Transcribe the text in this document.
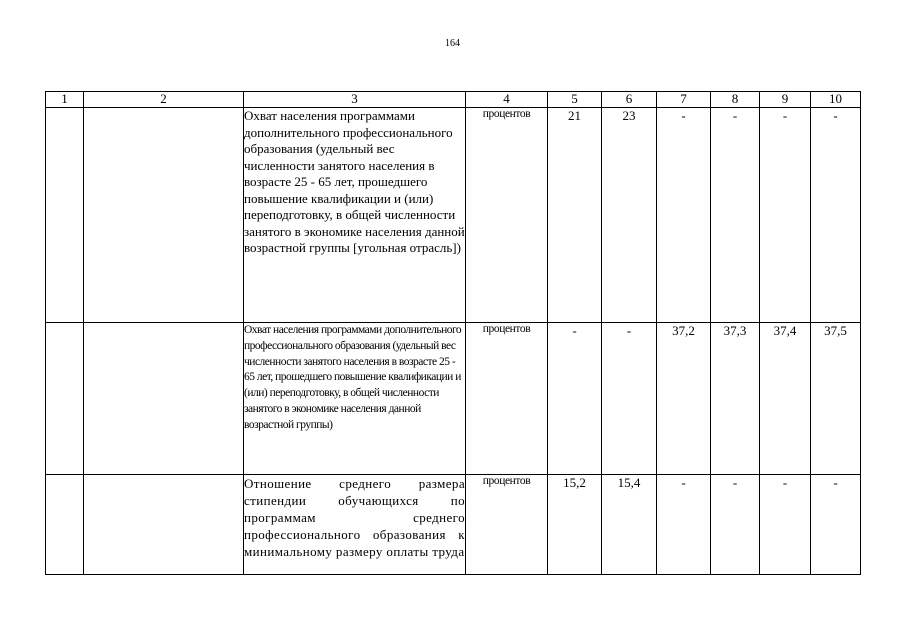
164
1	2	3	4	5	6	7	8	9	10
		Охват населения программами дополнительного профессионального образования (удельный вес численности занятого населения в возрасте 25 - 65 лет, прошедшего повышение квалификации и (или) переподготовку, в общей численности занятого в экономике населения данной возрастной группы [угольная отрасль])	процентов	21	23	-	-	-	-
		Охват населения программами дополнительного профессионального образования (удельный вес численности занятого населения в возрасте 25 - 65 лет, прошедшего повышение квалификации и (или) переподготовку, в общей численности занятого в экономике населения данной возрастной группы)	процентов	-	-	37,2	37,3	37,4	37,5
		Отношение среднего размера стипендии обучающихся по программам среднего профессионального образования к минимальному размеру оплаты труда	процентов	15,2	15,4	-	-	-	-
